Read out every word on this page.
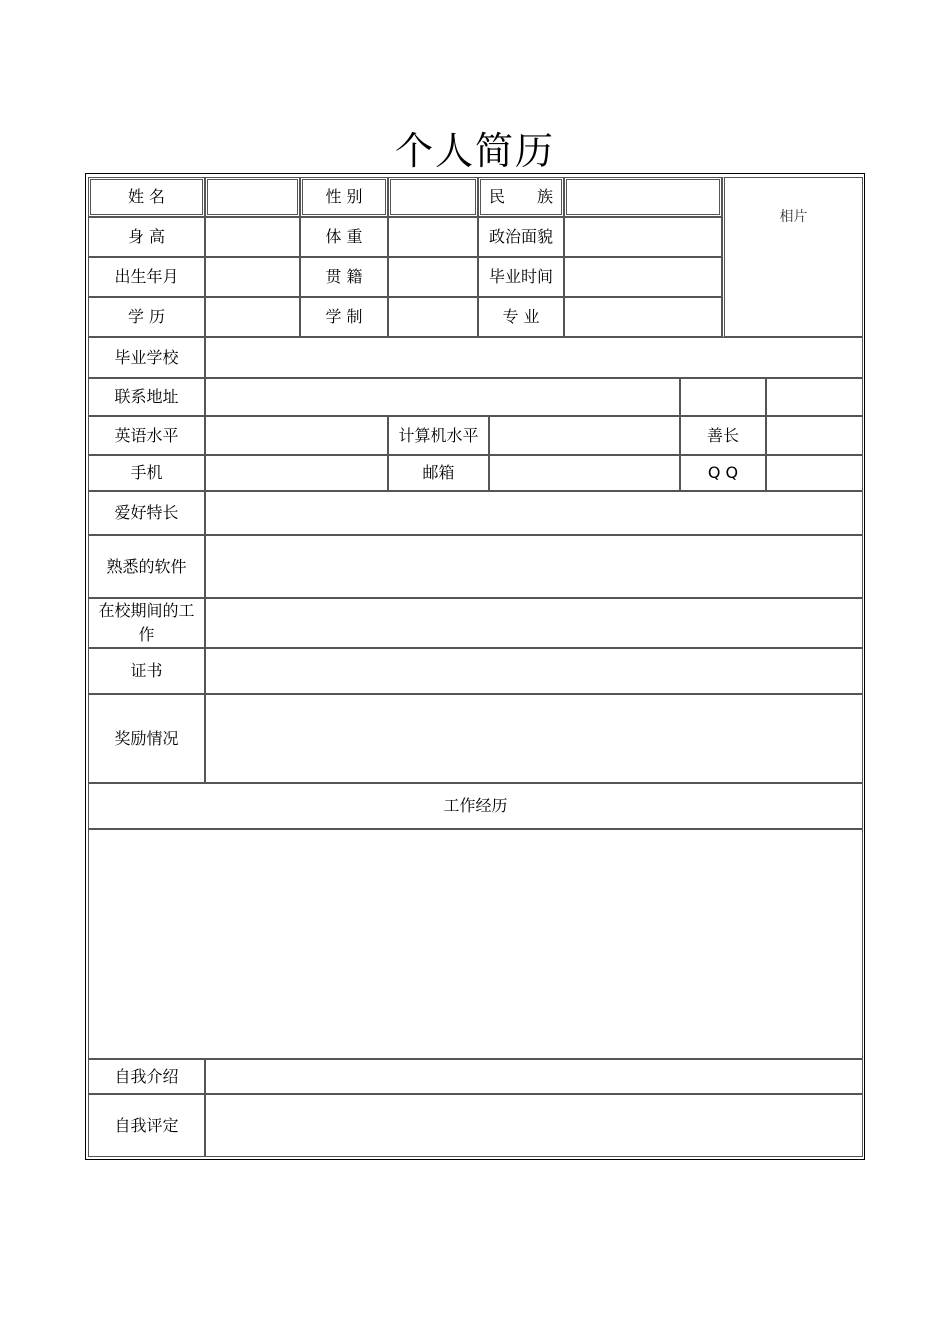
个人简历
姓 名	性 别	民　　族
相片
身 高	体 重	政治面貌
出生年月	贯 籍	毕业时间
学 历	学 制	专 业
毕业学校
联系地址
英语水平	计算机水平	善长
手机	邮箱	Q Q
爱好特长
熟悉的软件
在校期间的工作
证书
奖励情况
工作经历
自我介绍
自我评定
